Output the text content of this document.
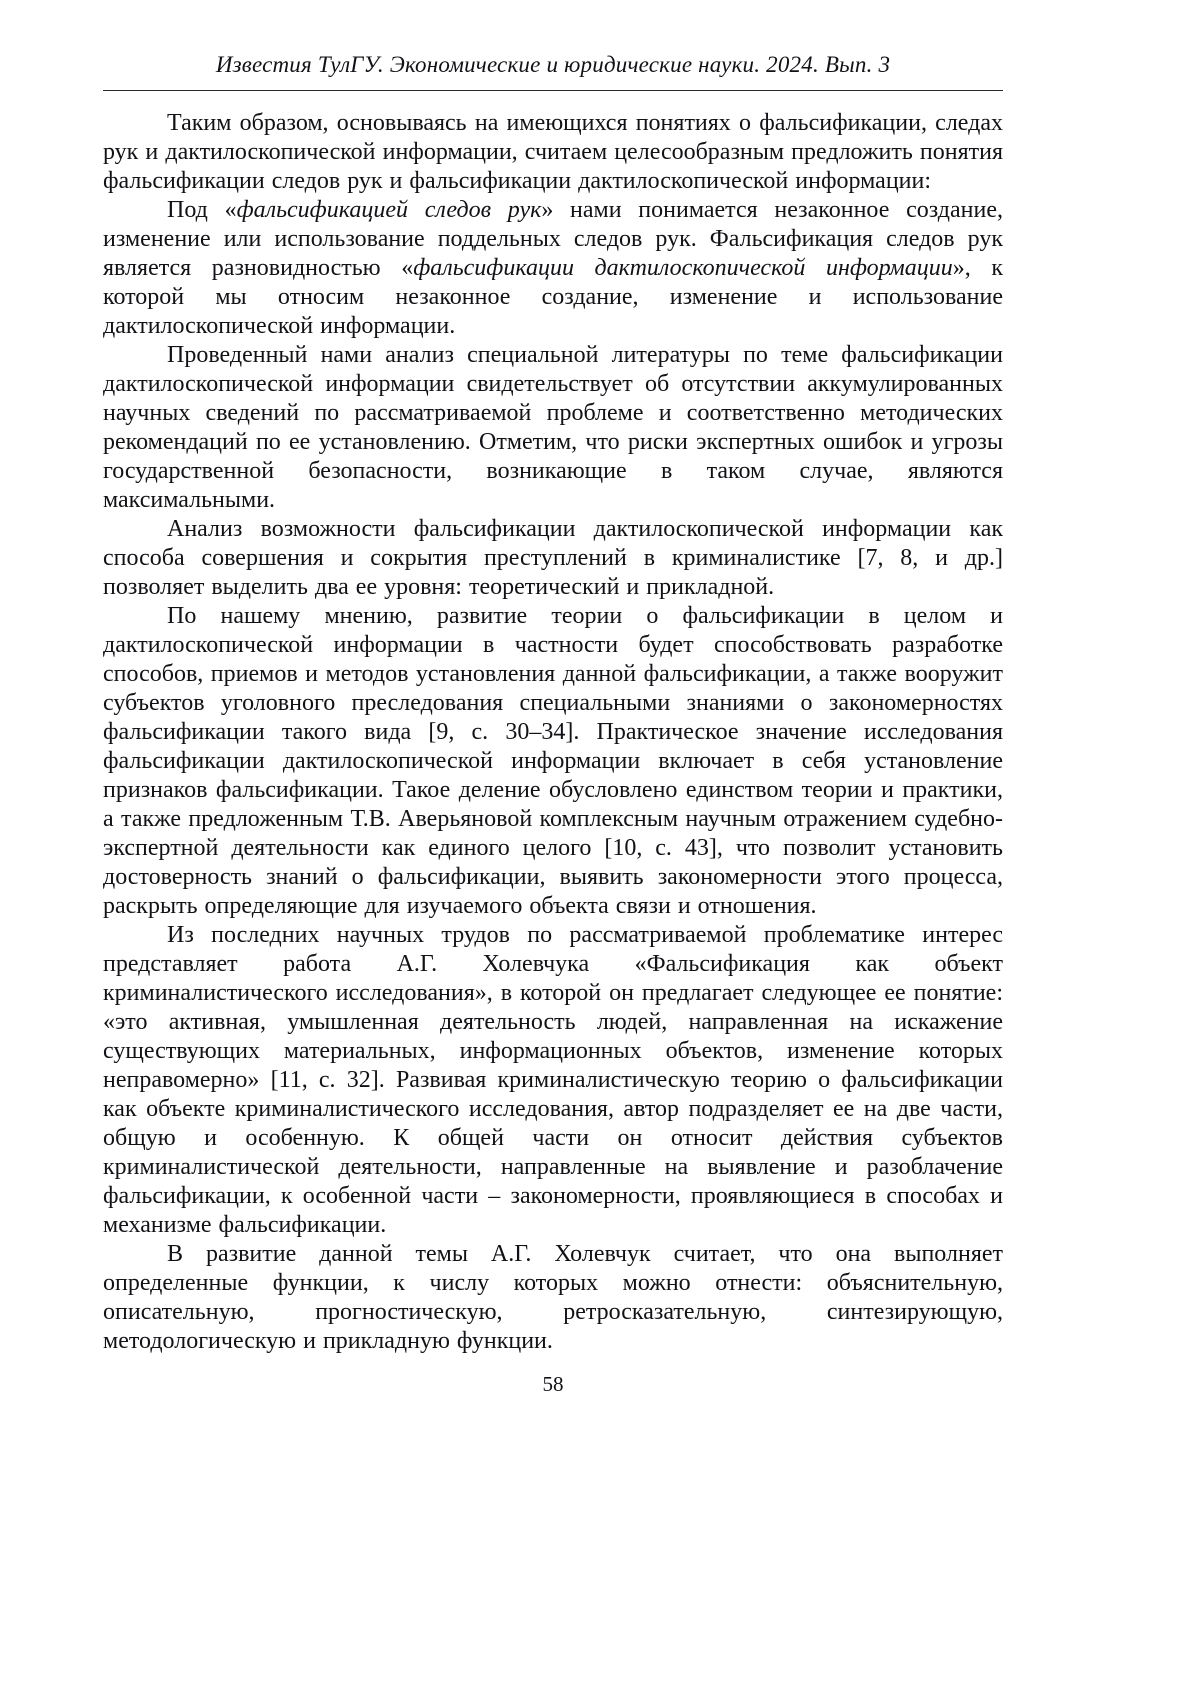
Известия ТулГУ. Экономические и юридические науки. 2024. Вып. 3

Таким образом, основываясь на имеющихся понятиях о фальсификации, следах рук и дактилоскопической информации, считаем целесообразным предложить понятия фальсификации следов рук и фальсификации дактилоскопической информации:

Под «фальсификацией следов рук» нами понимается незаконное создание, изменение или использование поддельных следов рук. Фальсификация следов рук является разновидностью «фальсификации дактилоскопической информации», к которой мы относим незаконное создание, изменение и использование дактилоскопической информации.

Проведенный нами анализ специальной литературы по теме фальсификации дактилоскопической информации свидетельствует об отсутствии аккумулированных научных сведений по рассматриваемой проблеме и соответственно методических рекомендаций по ее установлению. Отметим, что риски экспертных ошибок и угрозы государственной безопасности, возникающие в таком случае, являются максимальными.

Анализ возможности фальсификации дактилоскопической информации как способа совершения и сокрытия преступлений в криминалистике [7, 8, и др.] позволяет выделить два ее уровня: теоретический и прикладной.

По нашему мнению, развитие теории о фальсификации в целом и дактилоскопической информации в частности будет способствовать разработке способов, приемов и методов установления данной фальсификации, а также вооружит субъектов уголовного преследования специальными знаниями о закономерностях фальсификации такого вида [9, с. 30–34]. Практическое значение исследования фальсификации дактилоскопической информации включает в себя установление признаков фальсификации. Такое деление обусловлено единством теории и практики, а также предложенным Т.В. Аверьяновой комплексным научным отражением судебно-экспертной деятельности как единого целого [10, с. 43], что позволит установить достоверность знаний о фальсификации, выявить закономерности этого процесса, раскрыть определяющие для изучаемого объекта связи и отношения.

Из последних научных трудов по рассматриваемой проблематике интерес представляет работа А.Г. Холевчука «Фальсификация как объект криминалистического исследования», в которой он предлагает следующее ее понятие: «это активная, умышленная деятельность людей, направленная на искажение существующих материальных, информационных объектов, изменение которых неправомерно» [11, с. 32]. Развивая криминалистическую теорию о фальсификации как объекте криминалистического исследования, автор подразделяет ее на две части, общую и особенную. К общей части он относит действия субъектов криминалистической деятельности, направленные на выявление и разоблачение фальсификации, к особенной части – закономерности, проявляющиеся в способах и механизме фальсификации.

В развитие данной темы А.Г. Холевчук считает, что она выполняет определенные функции, к числу которых можно отнести: объяснительную, описательную, прогностическую, ретросказательную, синтезирующую, методологическую и прикладную функции.

58
